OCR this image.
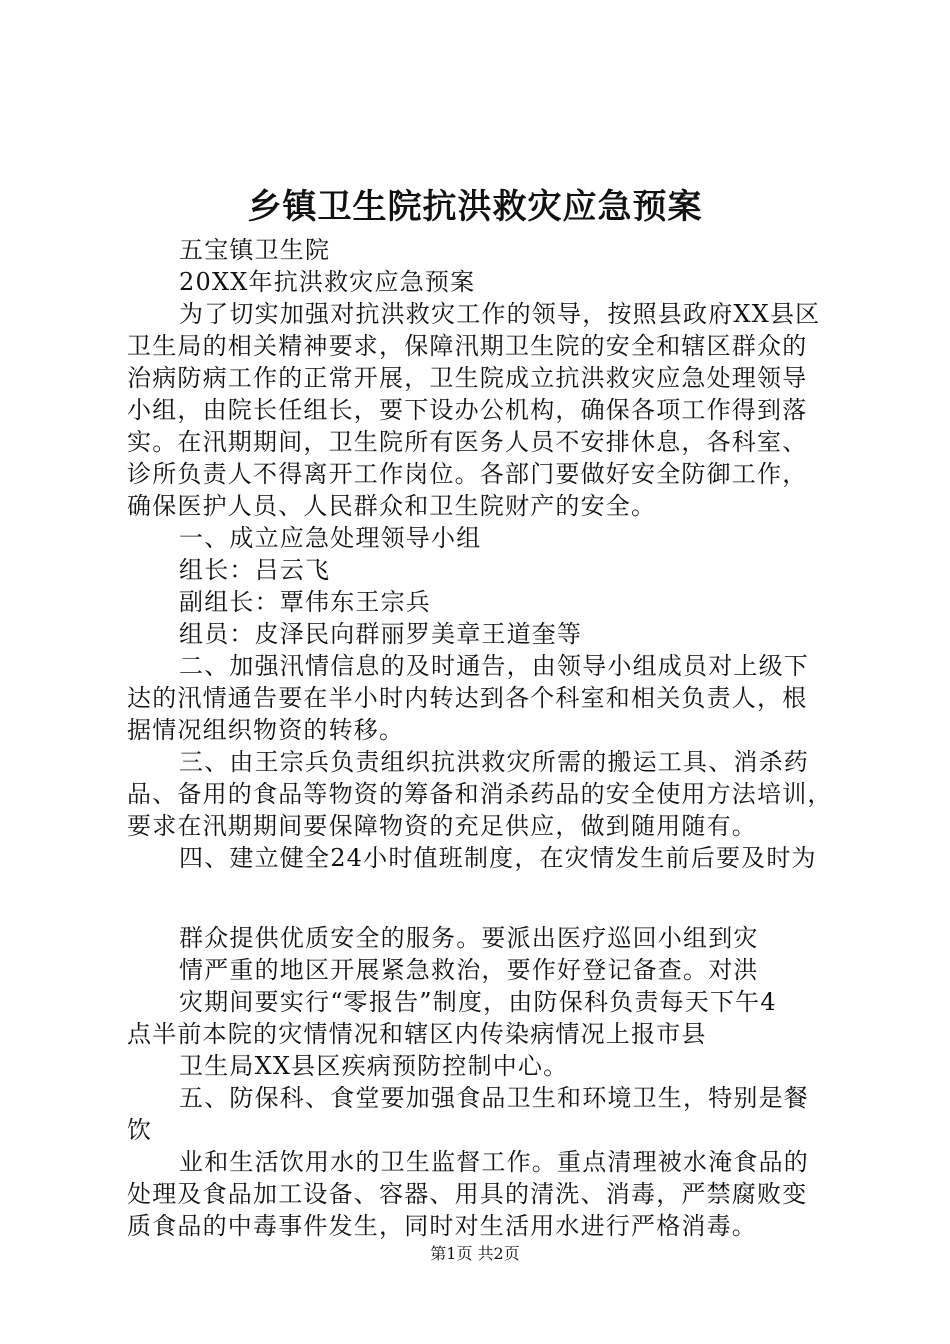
乡镇卫生院抗洪救灾应急预案
五宝镇卫生院
20XX年抗洪救灾应急预案
为了切实加强对抗洪救灾工作的领导，按照县政府XX县区
卫生局的相关精神要求，保障汛期卫生院的安全和辖区群众的
治病防病工作的正常开展，卫生院成立抗洪救灾应急处理领导
小组，由院长任组长，要下设办公机构，确保各项工作得到落
实。在汛期期间，卫生院所有医务人员不安排休息，各科室、
诊所负责人不得离开工作岗位。各部门要做好安全防御工作，
确保医护人员、人民群众和卫生院财产的安全。
一、成立应急处理领导小组
组长：吕云飞
副组长：覃伟东王宗兵
组员：皮泽民向群丽罗美章王道奎等
二、加强汛情信息的及时通告，由领导小组成员对上级下
达的汛情通告要在半小时内转达到各个科室和相关负责人，根
据情况组织物资的转移。
三、由王宗兵负责组织抗洪救灾所需的搬运工具、消杀药
品、备用的食品等物资的筹备和消杀药品的安全使用方法培训，
要求在汛期期间要保障物资的充足供应，做到随用随有。
四、建立健全24小时值班制度，在灾情发生前后要及时为
群众提供优质安全的服务。要派出医疗巡回小组到灾
情严重的地区开展紧急救治，要作好登记备查。对洪
灾期间要实行“零报告”制度，由防保科负责每天下午4
点半前本院的灾情情况和辖区内传染病情况上报市县
卫生局XX县区疾病预防控制中心。
五、防保科、食堂要加强食品卫生和环境卫生，特别是餐
饮
业和生活饮用水的卫生监督工作。重点清理被水淹食品的
处理及食品加工设备、容器、用具的清洗、消毒，严禁腐败变
质食品的中毒事件发生，同时对生活用水进行严格消毒。
第1页 共2页
